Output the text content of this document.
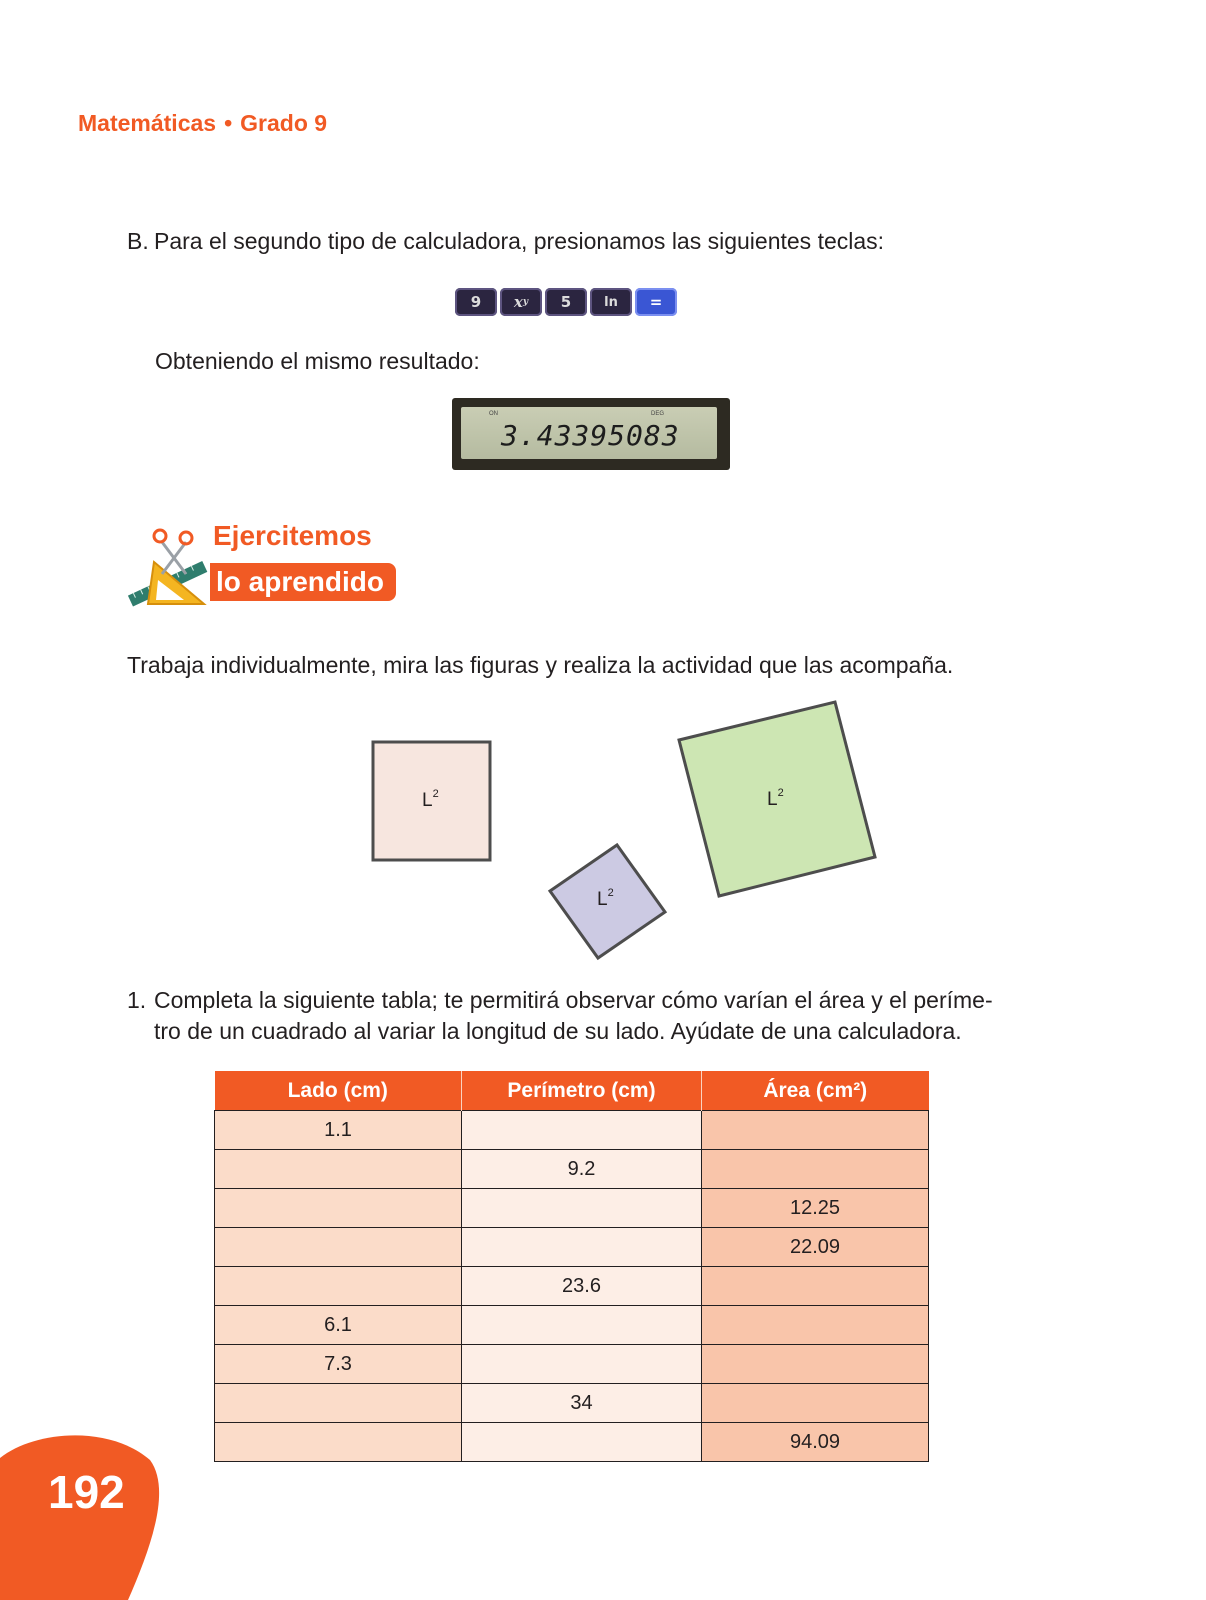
Matemáticas • Grado 9
B. Para el segundo tipo de calculadora, presionamos las siguientes teclas:
9 x y 5	ln =
Obteniendo el mismo resultado:
ON	DEG
3.43395083
Ejercitemos
lo aprendido
Trabaja individualmente, mira las figuras y realiza la actividad que las acompaña.
$L^2$
$L^2$
$L^2$
1. Completa la siguiente tabla; te permitirá observar cómo varían el área y el períme-
tro de un cuadrado al variar la longitud de su lado. Ayúdate de una calculadora.
Lado (cm)	Perímetro (cm)	Área (cm²)
1.1		
	9.2	
		12.25
		22.09
	23.6	
6.1		
7.3		
	34	
		94.09
192
